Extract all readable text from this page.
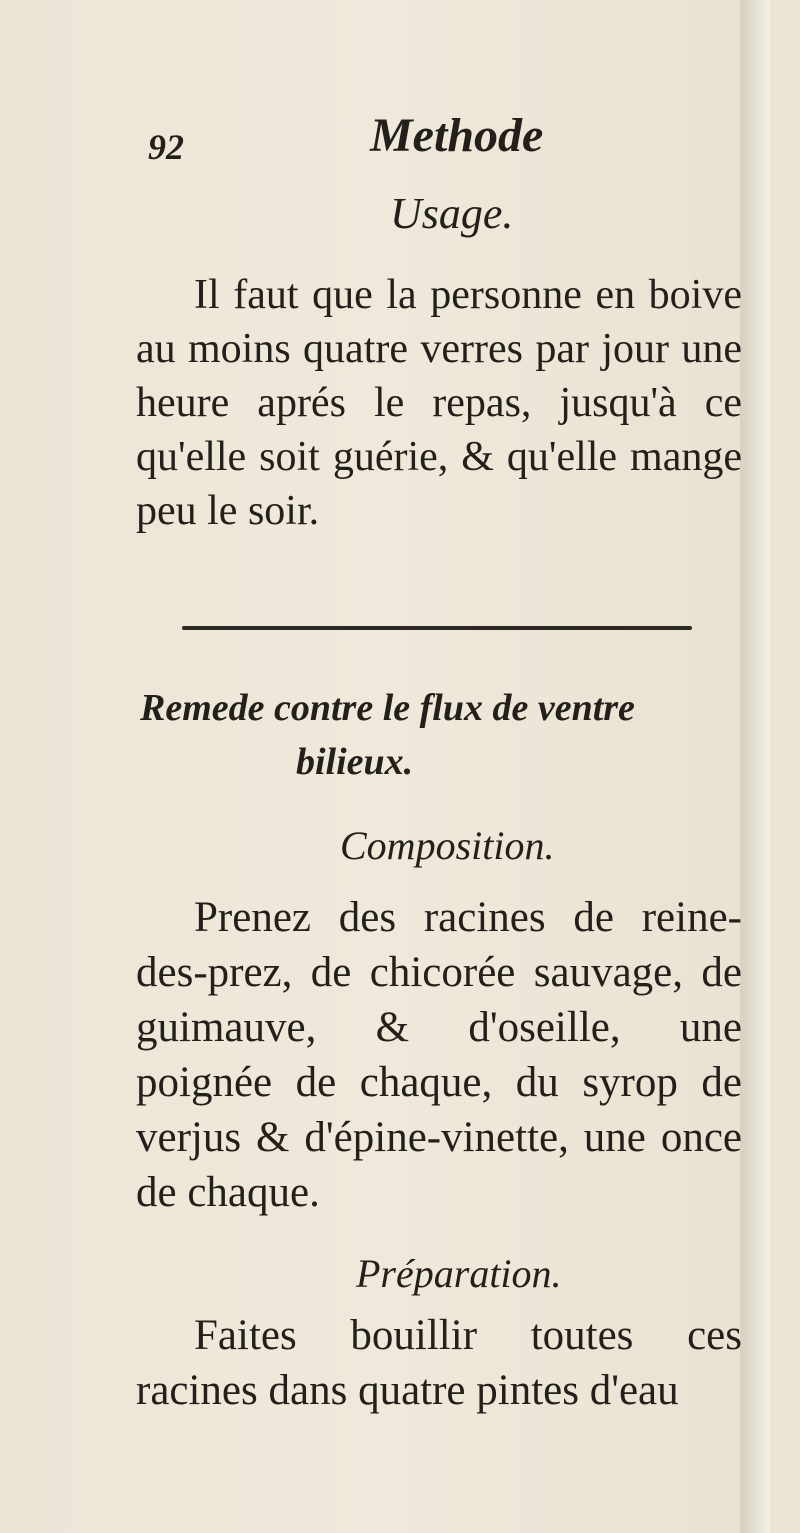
92	Methode
Usage.

Il faut que la personne en boive au moins quatre verres par jour une heure aprés le repas, jusqu'à ce qu'elle soit guérie, & qu'elle mange peu le soir.

Remede contre le flux de ventre
bilieux.
Composition.

Prenez des racines de reine-des-prez, de chicorée sauvage, de guimauve, & d'oseille, une poignée de chaque, du syrop de verjus & d'épine-vinette, une once de chaque.

Préparation.

Faites bouillir toutes ces racines dans quatre pintes d'eau
